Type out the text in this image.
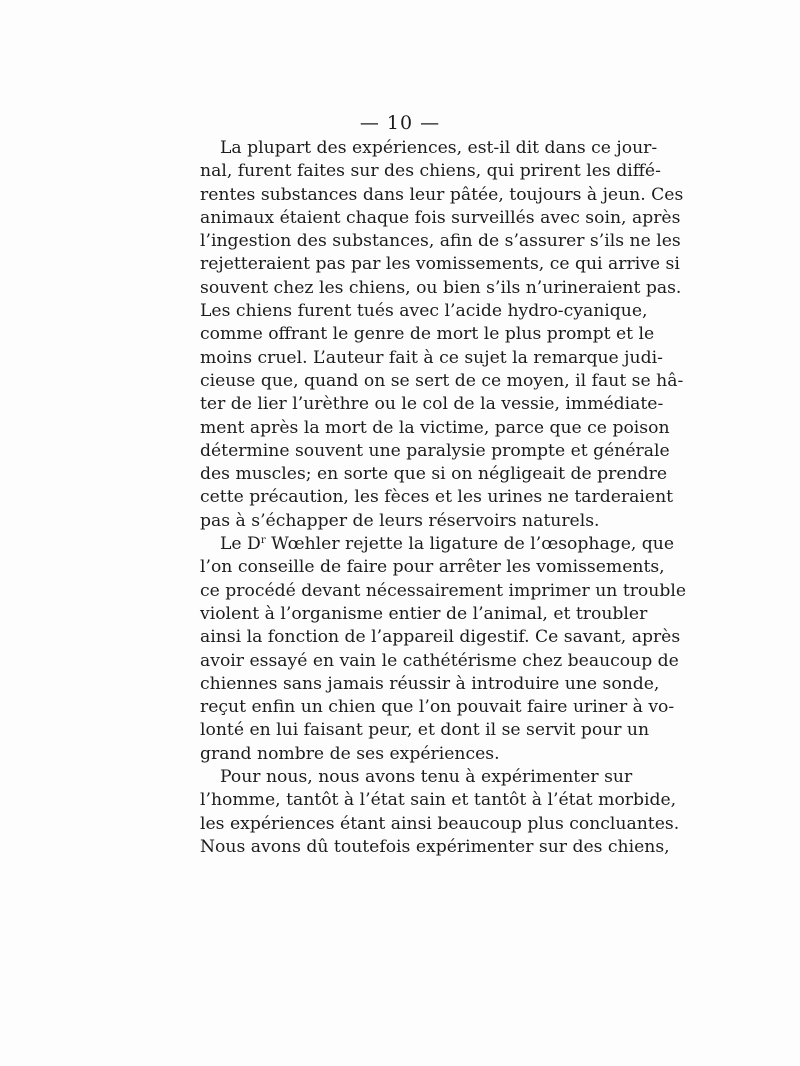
— 10 —
La plupart des expériences, est-il dit dans ce jour-
nal, furent faites sur des chiens, qui prirent les diffé-
rentes substances dans leur pâtée, toujours à jeun. Ces
animaux étaient chaque fois surveillés avec soin, après
l’ingestion des substances, afin de s’assurer s’ils ne les
rejetteraient pas par les vomissements, ce qui arrive si
souvent chez les chiens, ou bien s’ils n’urineraient pas.
Les chiens furent tués avec l’acide hydro-cyanique,
comme offrant le genre de mort le plus prompt et le
moins cruel. L’auteur fait à ce sujet la remarque judi-
cieuse que, quand on se sert de ce moyen, il faut se hâ-
ter de lier l’urèthre ou le col de la vessie, immédiate-
ment après la mort de la victime, parce que ce poison
détermine souvent une paralysie prompte et générale
des muscles; en sorte que si on négligeait de prendre
cette précaution, les fèces et les urines ne tarderaient
pas à s’échapper de leurs réservoirs naturels.
Le $D^r$ Wœhler rejette la ligature de l’œsophage, que
l’on conseille de faire pour arrêter les vomissements,
ce procédé devant nécessairement imprimer un trouble
violent à l’organisme entier de l’animal, et troubler
ainsi la fonction de l’appareil digestif. Ce savant, après
avoir essayé en vain le cathétérisme chez beaucoup de
chiennes sans jamais réussir à introduire une sonde,
reçut enfin un chien que l’on pouvait faire uriner à vo-
lonté en lui faisant peur, et dont il se servit pour un
grand nombre de ses expériences.
Pour nous, nous avons tenu à expérimenter sur
l’homme, tantôt à l’état sain et tantôt à l’état morbide,
les expériences étant ainsi beaucoup plus concluantes.
Nous avons dû toutefois expérimenter sur des chiens,
